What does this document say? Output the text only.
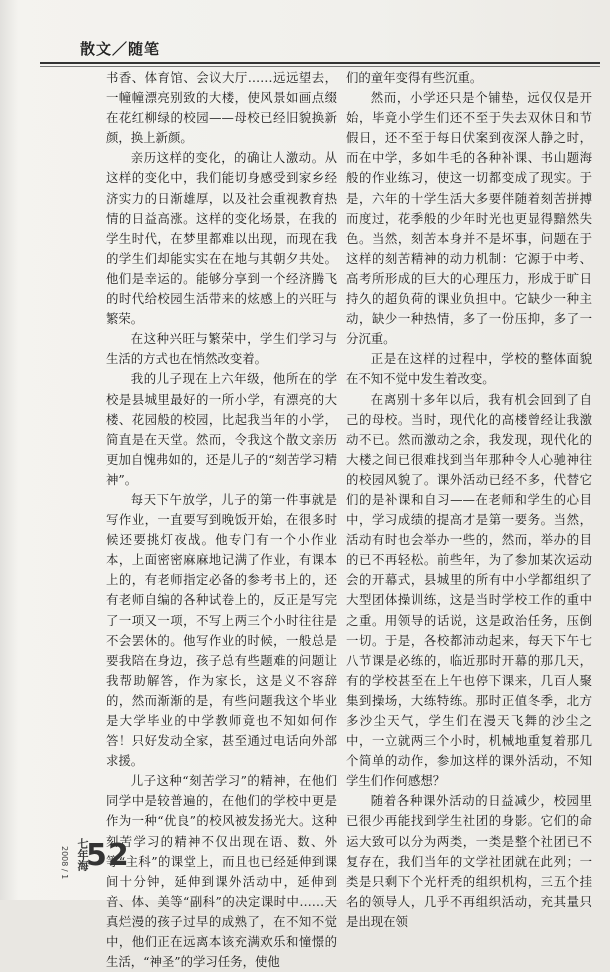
散文／随笔

书香、体育馆、会议大厅……远远望去，一幢幢漂亮别致的大楼，使风景如画点缀在花红柳绿的校园——母校已经旧貌换新颜，换上新颜。

亲历这样的变化，的确让人激动。从这样的变化中，我们能切身感受到家乡经济实力的日渐雄厚，以及社会重视教育热情的日益高涨。这样的变化场景，在我的学生时代，在梦里都难以出现，而现在我的学生们却能实实在在地与其朝夕共处。他们是幸运的。能够分享到一个经济腾飞的时代给校园生活带来的炫感上的兴旺与繁荣。

在这种兴旺与繁荣中，学生们学习与生活的方式也在悄然改变着。

我的儿子现在上六年级，他所在的学校是县城里最好的一所小学，有漂亮的大楼、花园般的校园，比起我当年的小学，简直是在天堂。然而，令我这个散文亲历更加自愧弗如的，还是儿子的“刻苦学习精神”。

每天下午放学，儿子的第一件事就是写作业，一直要写到晚饭开始，在很多时候还要挑灯夜战。他专门有一个小作业本，上面密密麻麻地记满了作业，有课本上的，有老师指定必备的参考书上的，还有老师自编的各种试卷上的，反正是写完了一项又一项，不写上两三个小时往往是不会罢休的。他写作业的时候，一般总是要我陪在身边，孩子总有些题难的问题让我帮助解答，作为家长，这是义不容辞的，然而渐渐的是，有些问题我这个毕业是大学毕业的中学教师竟也不知如何作答！只好发动全家，甚至通过电话向外部求援。

儿子这种“刻苦学习”的精神，在他们同学中是较普遍的，在他们的学校中更是作为一种“优良”的校风被发扬光大。这种刻苦学习的精神不仅出现在语、数、外等“主科”的课堂上，而且也已经延伸到课间十分钟，延伸到课外活动中，延伸到音、体、美等“副科”的决定课时中……天真烂漫的孩子过早的成熟了，在不知不觉中，他们正在远离本该充满欢乐和憧憬的生活，“神圣”的学习任务，使他

们的童年变得有些沉重。

然而，小学还只是个铺垫，远仅仅是开始，毕竟小学生们还不至于失去双休日和节假日，还不至于每日伏案到夜深人静之时，而在中学，多如牛毛的各种补课、书山题海般的作业练习，使这一切都变成了现实。于是，六年的十学生活大多要伴随着刻苦拼搏而度过，花季般的少年时光也更显得黯然失色。当然，刻苦本身并不是坏事，问题在于这样的刻苦精神的动力机制：它源于中考、高考所形成的巨大的心理压力，形成于旷日持久的超负荷的课业负担中。它缺少一种主动，缺少一种热情，多了一份压抑，多了一分沉重。

正是在这样的过程中，学校的整体面貌在不知不觉中发生着改变。

在离别十多年以后，我有机会回到了自己的母校。当时，现代化的高楼曾经让我激动不已。然而激动之余，我发现，现代化的大楼之间已很难找到当年那种令人心驰神往的校园风貌了。课外活动已经不多，代替它们的是补课和自习——在老师和学生的心目中，学习成绩的提高才是第一要务。当然，活动有时也会举办一些的，然而，举办的目的已不再轻松。前些年，为了参加某次运动会的开幕式，县城里的所有中小学都组织了大型团体操训练，这是当时学校工作的重中之重。用领导的话说，这是政治任务，压倒一切。于是，各校都沛动起来，每天下午七八节课是必练的，临近那时开幕的那几天，有的学校甚至在上午也停下课来，几百人聚集到操场，大练特练。那时正值冬季，北方多沙尘天气，学生们在漫天飞舞的沙尘之中，一立就两三个小时，机械地重复着那几个简单的动作，参加这样的课外活动，不知学生们作何感想？

随着各种课外活动的日益减少，校园里已很少再能找到学生社团的身影。它们的命运大致可以分为两类，一类是整个社团已不复存在，我们当年的文学社团就在此列；一类是只剩下个光杆秃的组织机构，三五个挂名的领导人，几乎不再组织活动，充其量只是出现在领

2008 / 1 七年海
52
